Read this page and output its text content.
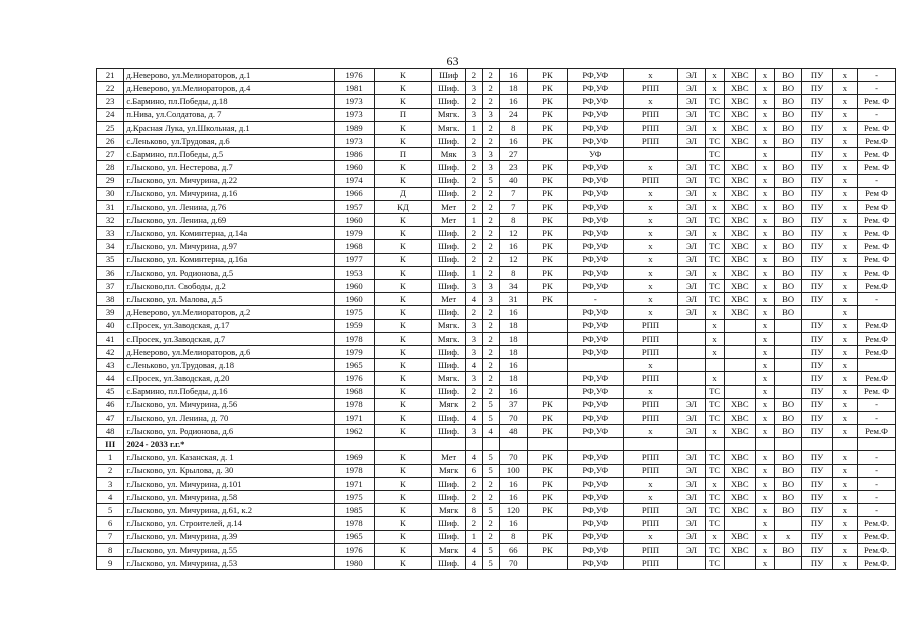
63
21	д.Неверово, ул.Мелиораторов, д.1	1976	К	Шиф	2	2	16	РК	РФ,УФ	х	ЭЛ	х	ХВС	х	ВО	ПУ	х	-
22	д.Неверово, ул.Мелиораторов, д.4	1981	К	Шиф.	3	2	18	РК	РФ,УФ	РПП	ЭЛ	х	ХВС	х	ВО	ПУ	х	-
23	с.Бармино, пл.Победы, д.18	1973	К	Шиф.	2	2	16	РК	РФ,УФ	х	ЭЛ	ТС	ХВС	х	ВО	ПУ	х	Рем. Ф
24	п.Нива, ул.Солдатова, д. 7	1973	П	Мягк.	3	3	24	РК	РФ,УФ	РПП	ЭЛ	ТС	ХВС	х	ВО	ПУ	х	-
25	д.Красная Лука, ул.Школьная, д.1	1989	К	Мягк.	1	2	8	РК	РФ,УФ	РПП	ЭЛ	х	ХВС	х	ВО	ПУ	х	Рем. Ф
26	с.Леньково, ул.Трудовая, д.6	1973	К	Шиф.	2	2	16	РК	РФ,УФ	РПП	ЭЛ	ТС	ХВС	х	ВО	ПУ	х	Рем.Ф
27	с.Бармино, пл.Победы, д.5	1986	П	Мяк	3	3	27		УФ			ТС		х		ПУ	х	Рем. Ф
28	г.Лысково, ул. Нестерова, д.7	1960	К	Шиф.	2	3	23	РК	РФ,УФ	х	ЭЛ	ТС	ХВС	х	ВО	ПУ	х	Рем. Ф
29	г.Лысково, ул. Мичурина, д.22	1974	К	Шиф.	2	5	40	РК	РФ,УФ	РПП	ЭЛ	ТС	ХВС	х	ВО	ПУ	х	-
30	г.Лысково, ул. Мичурина, д.16	1966	Д	Шиф.	2	2	7	РК	РФ,УФ	х	ЭЛ	х	ХВС	х	ВО	ПУ	х	Рем Ф
31	г.Лысково, ул. Ленина, д.76	1957	КД	Мет	2	2	7	РК	РФ,УФ	х	ЭЛ	х	ХВС	х	ВО	ПУ	х	Рем Ф
32	г.Лысково, ул. Ленина, д.69	1960	К	Мет	1	2	8	РК	РФ,УФ	х	ЭЛ	ТС	ХВС	х	ВО	ПУ	х	Рем. Ф
33	г.Лысково, ул. Коминтерна, д.14а	1979	К	Шиф.	2	2	12	РК	РФ,УФ	х	ЭЛ	х	ХВС	х	ВО	ПУ	х	Рем. Ф
34	г.Лысково, ул. Мичурина, д.97	1968	К	Шиф.	2	2	16	РК	РФ,УФ	х	ЭЛ	ТС	ХВС	х	ВО	ПУ	х	Рем. Ф
35	г.Лысково, ул. Коминтерна, д.16а	1977	К	Шиф.	2	2	12	РК	РФ,УФ	х	ЭЛ	ТС	ХВС	х	ВО	ПУ	х	Рем. Ф
36	г.Лысково, ул. Родионова, д.5	1953	К	Шиф.	1	2	8	РК	РФ,УФ	х	ЭЛ	х	ХВС	х	ВО	ПУ	х	Рем. Ф
37	г.Лысково,пл. Свободы, д.2	1960	К	Шиф.	3	3	34	РК	РФ,УФ	х	ЭЛ	ТС	ХВС	х	ВО	ПУ	х	Рем.Ф
38	г.Лысково, ул. Малова, д.5	1960	К	Мет	4	3	31	РК	-	х	ЭЛ	ТС	ХВС	х	ВО	ПУ	х	-
39	д.Неверово, ул.Мелиораторов, д.2	1975	К	Шиф.	2	2	16		РФ,УФ	х	ЭЛ	х	ХВС	х	ВО		х	
40	с.Просек, ул.Заводская, д.17	1959	К	Мягк.	3	2	18		РФ,УФ	РПП		х		х		ПУ	х	Рем.Ф
41	с.Просек, ул.Заводская, д.7	1978	К	Мягк.	3	2	18		РФ,УФ	РПП		х		х		ПУ	х	Рем.Ф
42	д.Неверово, ул.Мелиораторов, д.6	1979	К	Шиф.	3	2	18		РФ,УФ	РПП		х		х		ПУ	х	Рем.Ф
43	с.Леньково, ул.Трудовая, д.18	1965	К	Шиф.	4	2	16			х				х		ПУ	х	
44	с.Просек, ул.Заводская, д.20	1976	К	Мягк.	3	2	18		РФ,УФ	РПП		х		х		ПУ	х	Рем.Ф
45	с.Бармино, пл.Победы, д.16	1968	К	Шиф.	2	2	16		РФ,УФ	х		ТС		х		ПУ	х	Рем. Ф
46	г.Лысково, ул. Мичурина, д.56	1978	К	Мягк	2	5	37	РК	РФ,УФ	РПП	ЭЛ	ТС	ХВС	х	ВО	ПУ	х	-
47	г.Лысково, ул. Ленина, д. 70	1971	К	Шиф.	4	5	70	РК	РФ,УФ	РПП	ЭЛ	ТС	ХВС	х	ВО	ПУ	х	-
48	г.Лысково, ул. Родионова, д.6	1962	К	Шиф.	3	4	48	РК	РФ,УФ	х	ЭЛ	х	ХВС	х	ВО	ПУ	х	Рем.Ф
III	2024 - 2033 г.г.*																	
1	г.Лысково, ул. Казанская, д. 1	1969	К	Мет	4	5	70	РК	РФ,УФ	РПП	ЭЛ	ТС	ХВС	х	ВО	ПУ	х	-
2	г.Лысково, ул. Крылова, д. 30	1978	К	Мягк	6	5	100	РК	РФ,УФ	РПП	ЭЛ	ТС	ХВС	х	ВО	ПУ	х	-
3	г.Лысково, ул. Мичурина, д.101	1971	К	Шиф.	2	2	16	РК	РФ,УФ	х	ЭЛ	х	ХВС	х	ВО	ПУ	х	-
4	г.Лысково, ул. Мичурина, д.58	1975	К	Шиф.	2	2	16	РК	РФ,УФ	х	ЭЛ	ТС	ХВС	х	ВО	ПУ	х	-
5	г.Лысково, ул. Мичурина, д.61, к.2	1985	К	Мягк	8	5	120	РК	РФ,УФ	РПП	ЭЛ	ТС	ХВС	х	ВО	ПУ	х	-
6	г.Лысково, ул. Строителей, д.14	1978	К	Шиф.	2	2	16		РФ,УФ	РПП	ЭЛ	ТС		х		ПУ	х	Рем.Ф.
7	г.Лысково, ул. Мичурина, д.39	1965	К	Шиф.	1	2	8	РК	РФ,УФ	х	ЭЛ	х	ХВС	х	х	ПУ	х	Рем.Ф.
8	г.Лысково, ул. Мичурина, д.55	1976	К	Мягк	4	5	66	РК	РФ,УФ	РПП	ЭЛ	ТС	ХВС	х	ВО	ПУ	х	Рем.Ф.
9	г.Лысково, ул. Мичурина, д.53	1980	К	Шиф.	4	5	70		РФ,УФ	РПП		ТС		х		ПУ	х	Рем.Ф.
